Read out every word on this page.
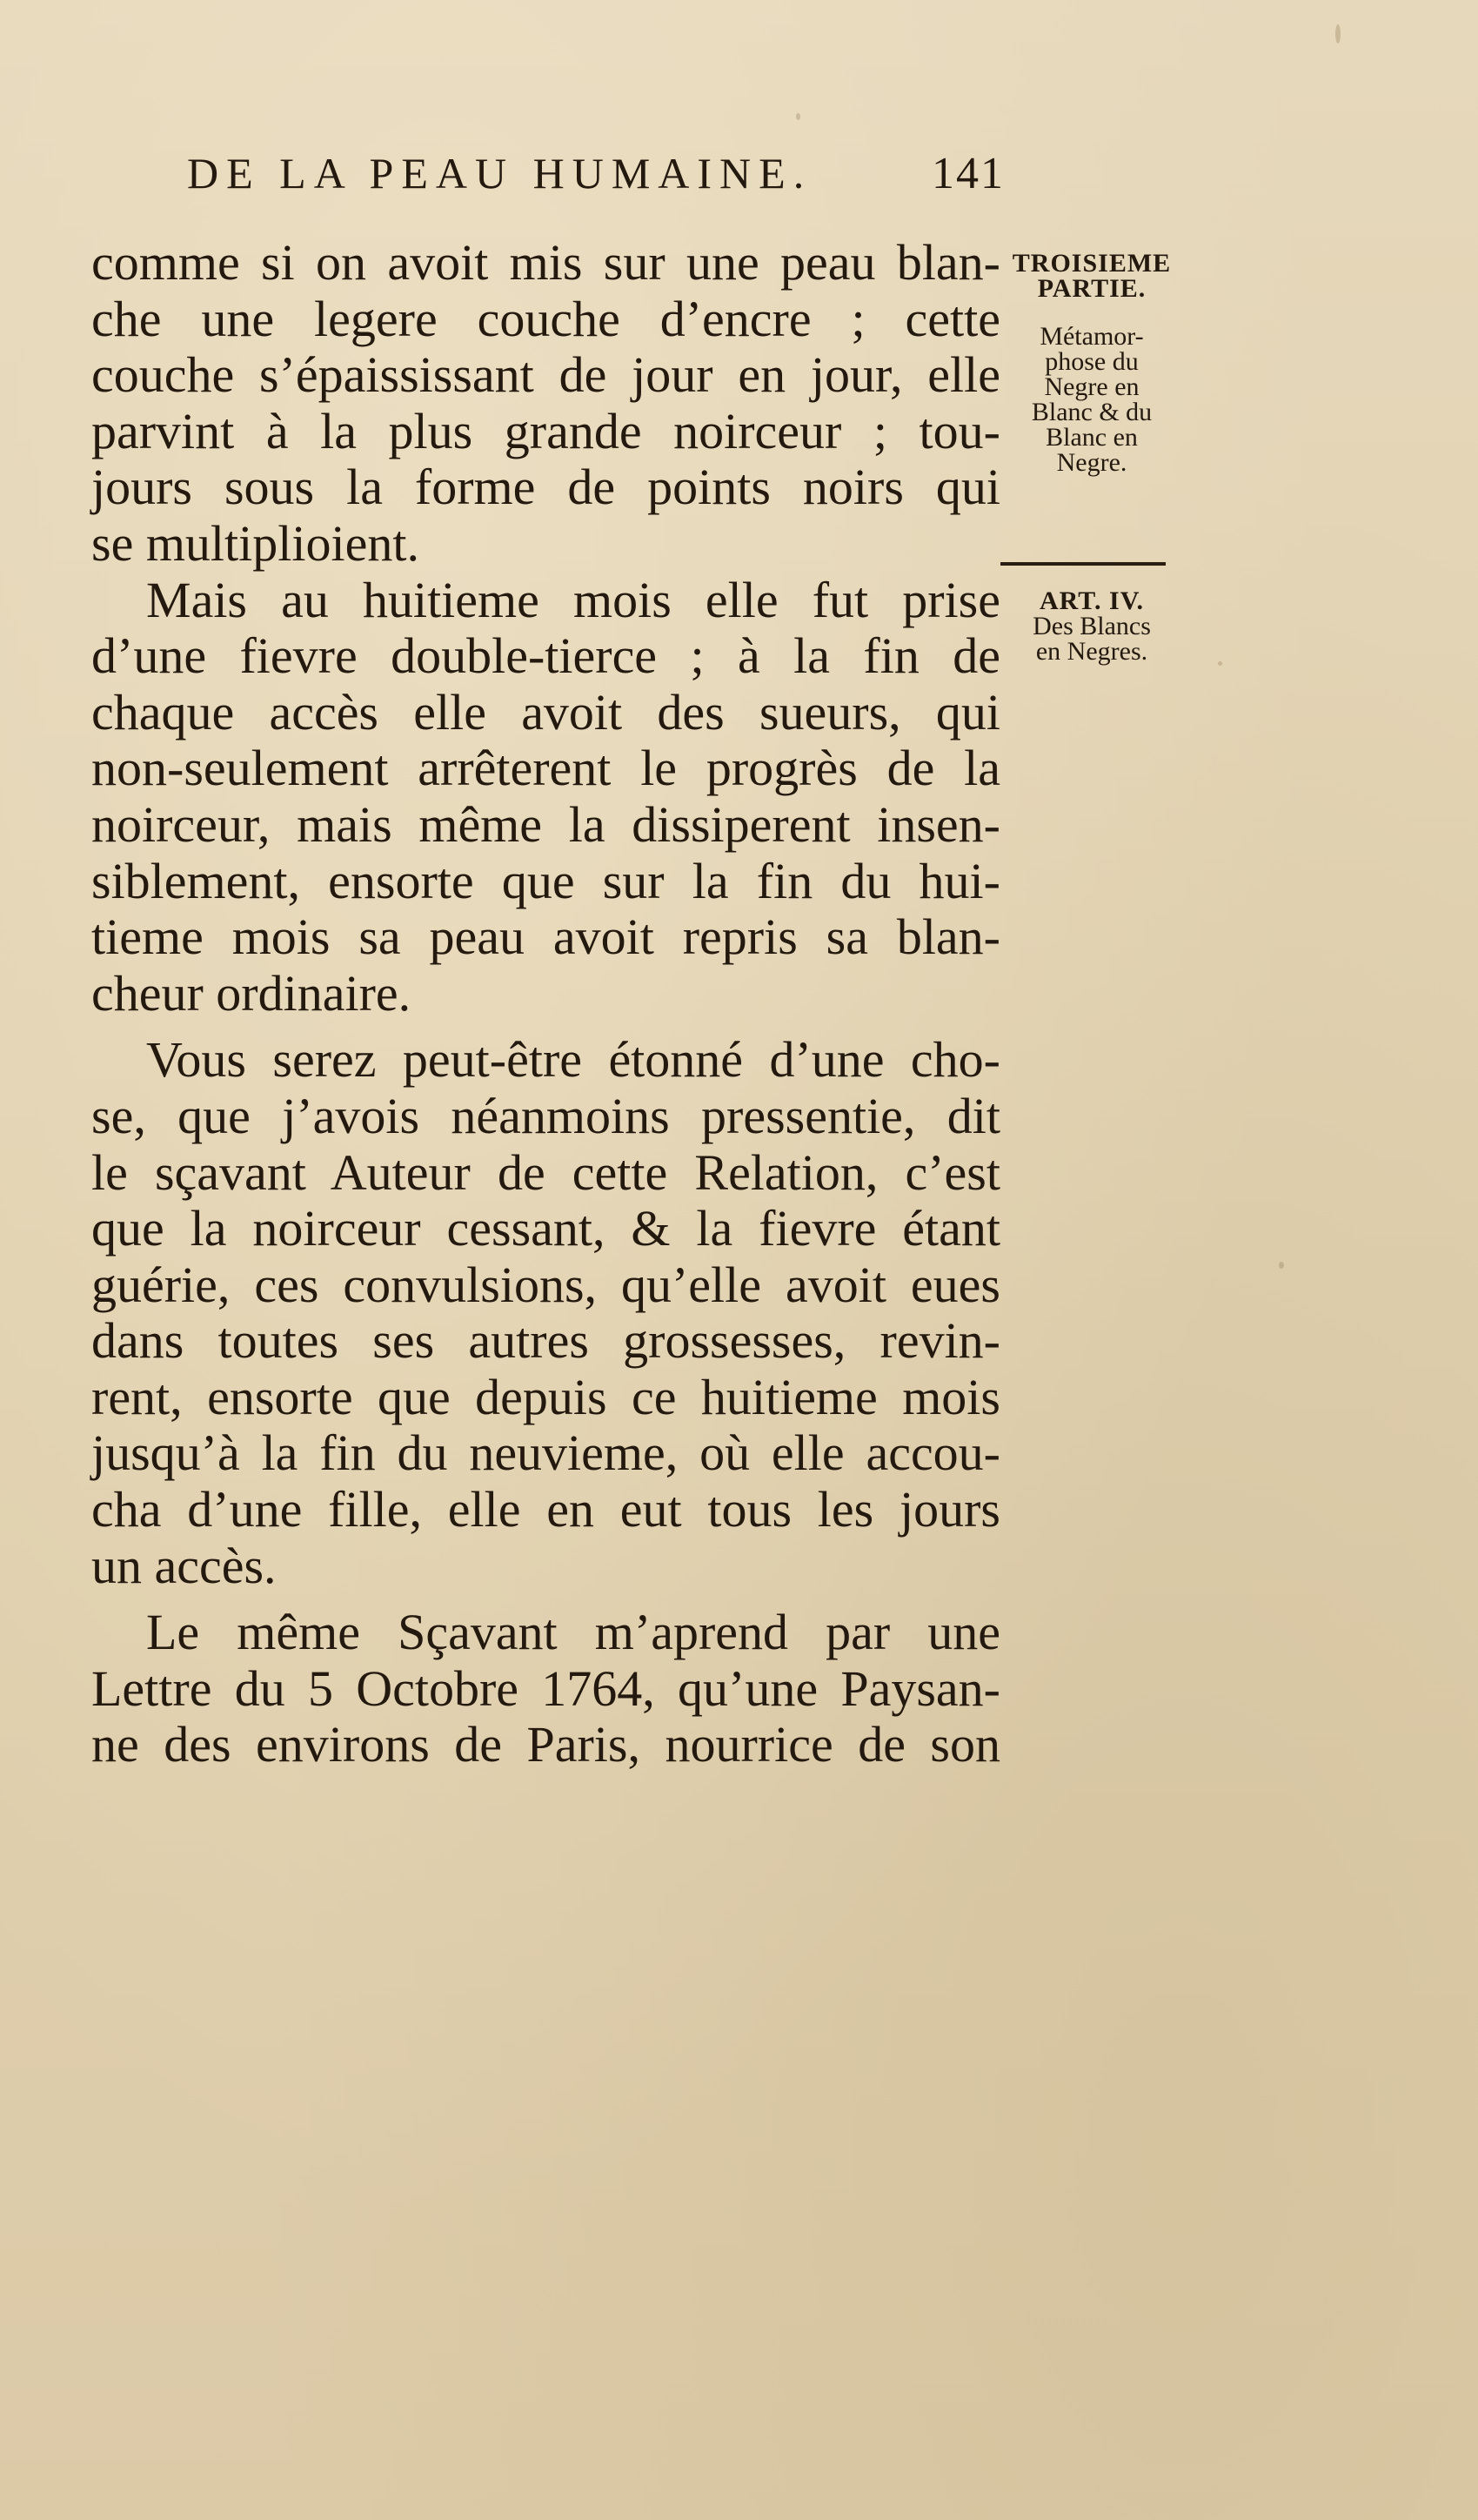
DE LA PEAU HUMAINE.	141
comme si on avoit mis sur une peau blan-
che une legere couche d’encre ; cette
couche s’épaississant de jour en jour, elle
parvint à la plus grande noirceur ; tou-
jours sous la forme de points noirs qui
se multiplioient.
Mais au huitieme mois elle fut prise
d’une fievre double-tierce ; à la fin de
chaque accès elle avoit des sueurs, qui
non-seulement arrêterent le progrès de la
noirceur, mais même la dissiperent insen-
siblement, ensorte que sur la fin du hui-
tieme mois sa peau avoit repris sa blan-
cheur ordinaire.
Vous serez peut-être étonné d’une cho-
se, que j’avois néanmoins pressentie, dit
le sçavant Auteur de cette Relation, c’est
que la noirceur cessant, & la fievre étant
guérie, ces convulsions, qu’elle avoit eues
dans toutes ses autres grossesses, revin-
rent, ensorte que depuis ce huitieme mois
jusqu’à la fin du neuvieme, où elle accou-
cha d’une fille, elle en eut tous les jours
un accès.
Le même Sçavant m’aprend par une
Lettre du 5 Octobre 1764, qu’une Paysan-
ne des environs de Paris, nourrice de son
TROISIEME
PARTIE.
Métamor-
phose du
Negre en
Blanc & du
Blanc en
Negre.
ART. IV.
Des Blancs
en Negres.
